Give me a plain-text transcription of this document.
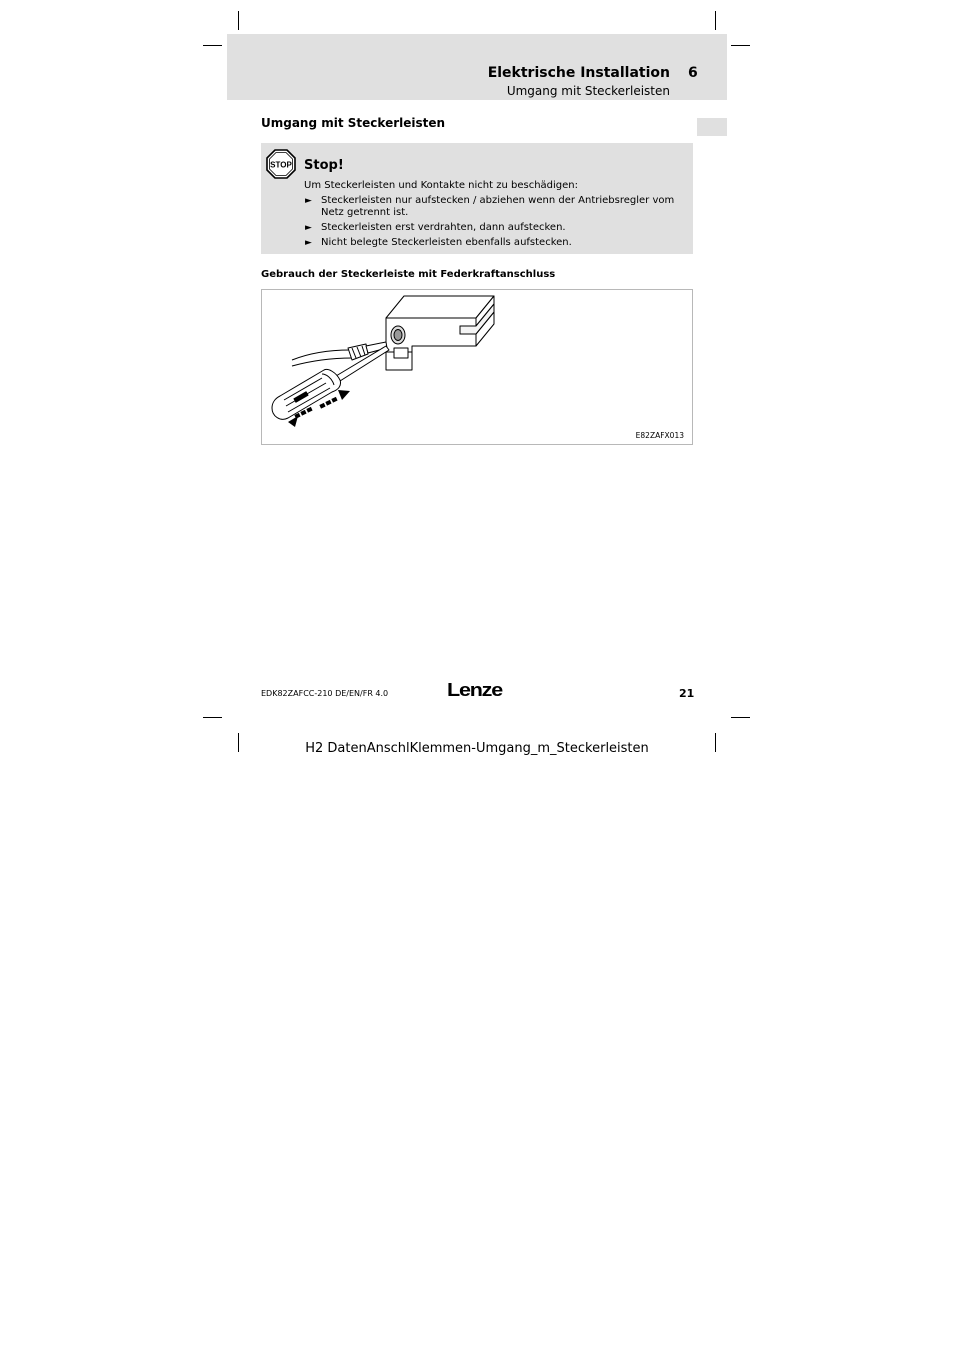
Elektrische Installation 6
Umgang mit Steckerleisten
Umgang mit Steckerleisten
STOP Stop!
Um Steckerleisten und Kontakte nicht zu beschädigen:
► Steckerleisten nur aufstecken / abziehen wenn der Antriebsregler vom Netz getrennt ist.
► Steckerleisten erst verdrahten, dann aufstecken.
► Nicht belegte Steckerleisten ebenfalls aufstecken.
Gebrauch der Steckerleiste mit Federkraftanschluss
E82ZAFX013
EDK82ZAFCC-210 DE/EN/FR 4.0	Lenze	21
H2 DatenAnschlKlemmen-Umgang_m_Steckerleisten
